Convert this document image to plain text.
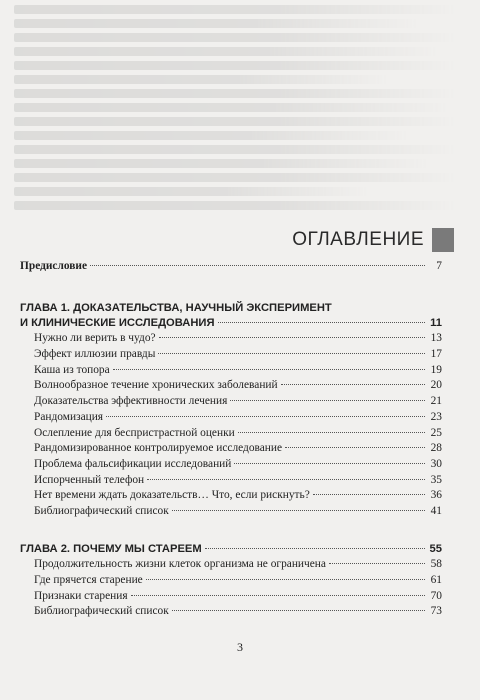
ОГЛАВЛЕНИЕ
Предисловие	7
ГЛАВА 1. ДОКАЗАТЕЛЬСТВА, НАУЧНЫЙ ЭКСПЕРИМЕНТ
И КЛИНИЧЕСКИЕ ИССЛЕДОВАНИЯ	11
Нужно ли верить в чудо?	13
Эффект иллюзии правды	17
Каша из топора	19
Волнообразное течение хронических заболеваний	20
Доказательства эффективности лечения	21
Рандомизация	23
Ослепление для беспристрастной оценки	25
Рандомизированное контролируемое исследование	28
Проблема фальсификации исследований	30
Испорченный телефон	35
Нет времени ждать доказательств… Что, если рискнуть?	36
Библиографический список	41
ГЛАВА 2. ПОЧЕМУ МЫ СТАРЕЕМ	55
Продолжительность жизни клеток организма не ограничена	58
Где прячется старение	61
Признаки старения	70
Библиографический список	73
3
